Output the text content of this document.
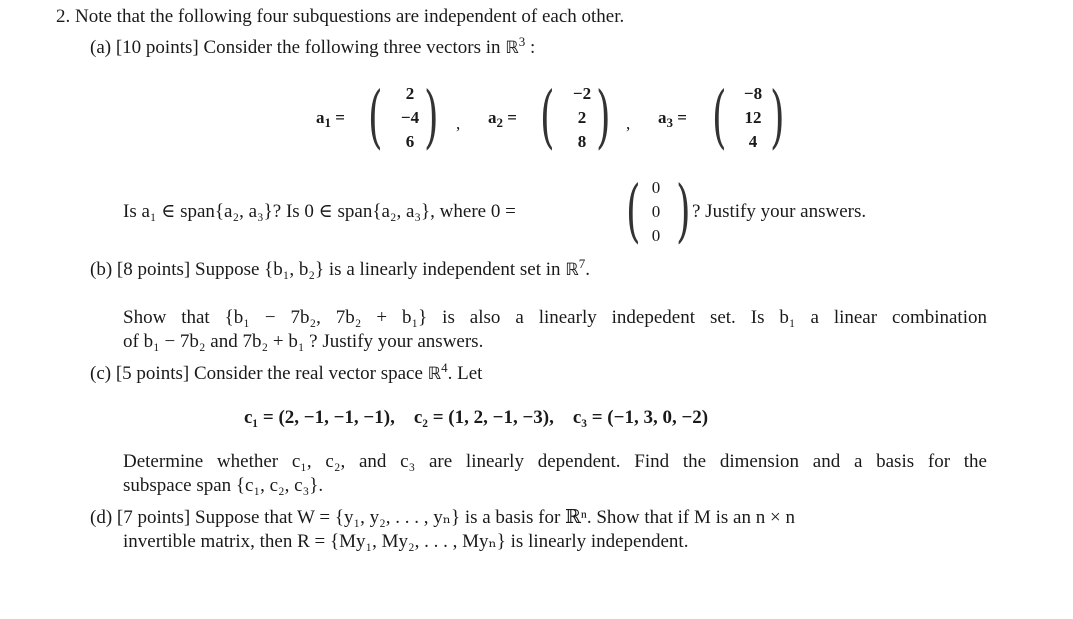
2. Note that the following four subquestions are independent of each other.
(a) [10 points] Consider the following three vectors in ℝ$^3$ :
$a_1$ = (	2
−4
6 ) , $a_2$ = (	−2
2
8 ) , $a_3$ = (	−8
12
4 )
Is a₁ ∈ span{a₂, a₃}? Is 0 ∈ span{a₂, a₃}, where 0 = ( 0
0
0 ) ? Justify your answers.
(b) [8 points] Suppose {b₁, b₂} is a linearly independent set in ℝ$^7$.
Show that {b₁ − 7b₂, 7b₂ + b₁} is also a linearly indepedent set. Is b₁ a linear combination
of b₁ − 7b₂ and 7b₂ + b₁ ? Justify your answers.
(c) [5 points] Consider the real vector space ℝ$^4$. Let
c₁ = (2, −1, −1, −1),    c₂ = (1, 2, −1, −3),    c₃ = (−1, 3, 0, −2)
Determine whether c₁, c₂, and c₃ are linearly dependent. Find the dimension and a basis for the
subspace span {c₁, c₂, c₃}.
(d) [7 points] Suppose that W = {y₁, y₂, . . . , yₙ} is a basis for ℝⁿ. Show that if M is an n × n
invertible matrix, then R = {My₁, My₂, . . . , Myₙ} is linearly independent.
